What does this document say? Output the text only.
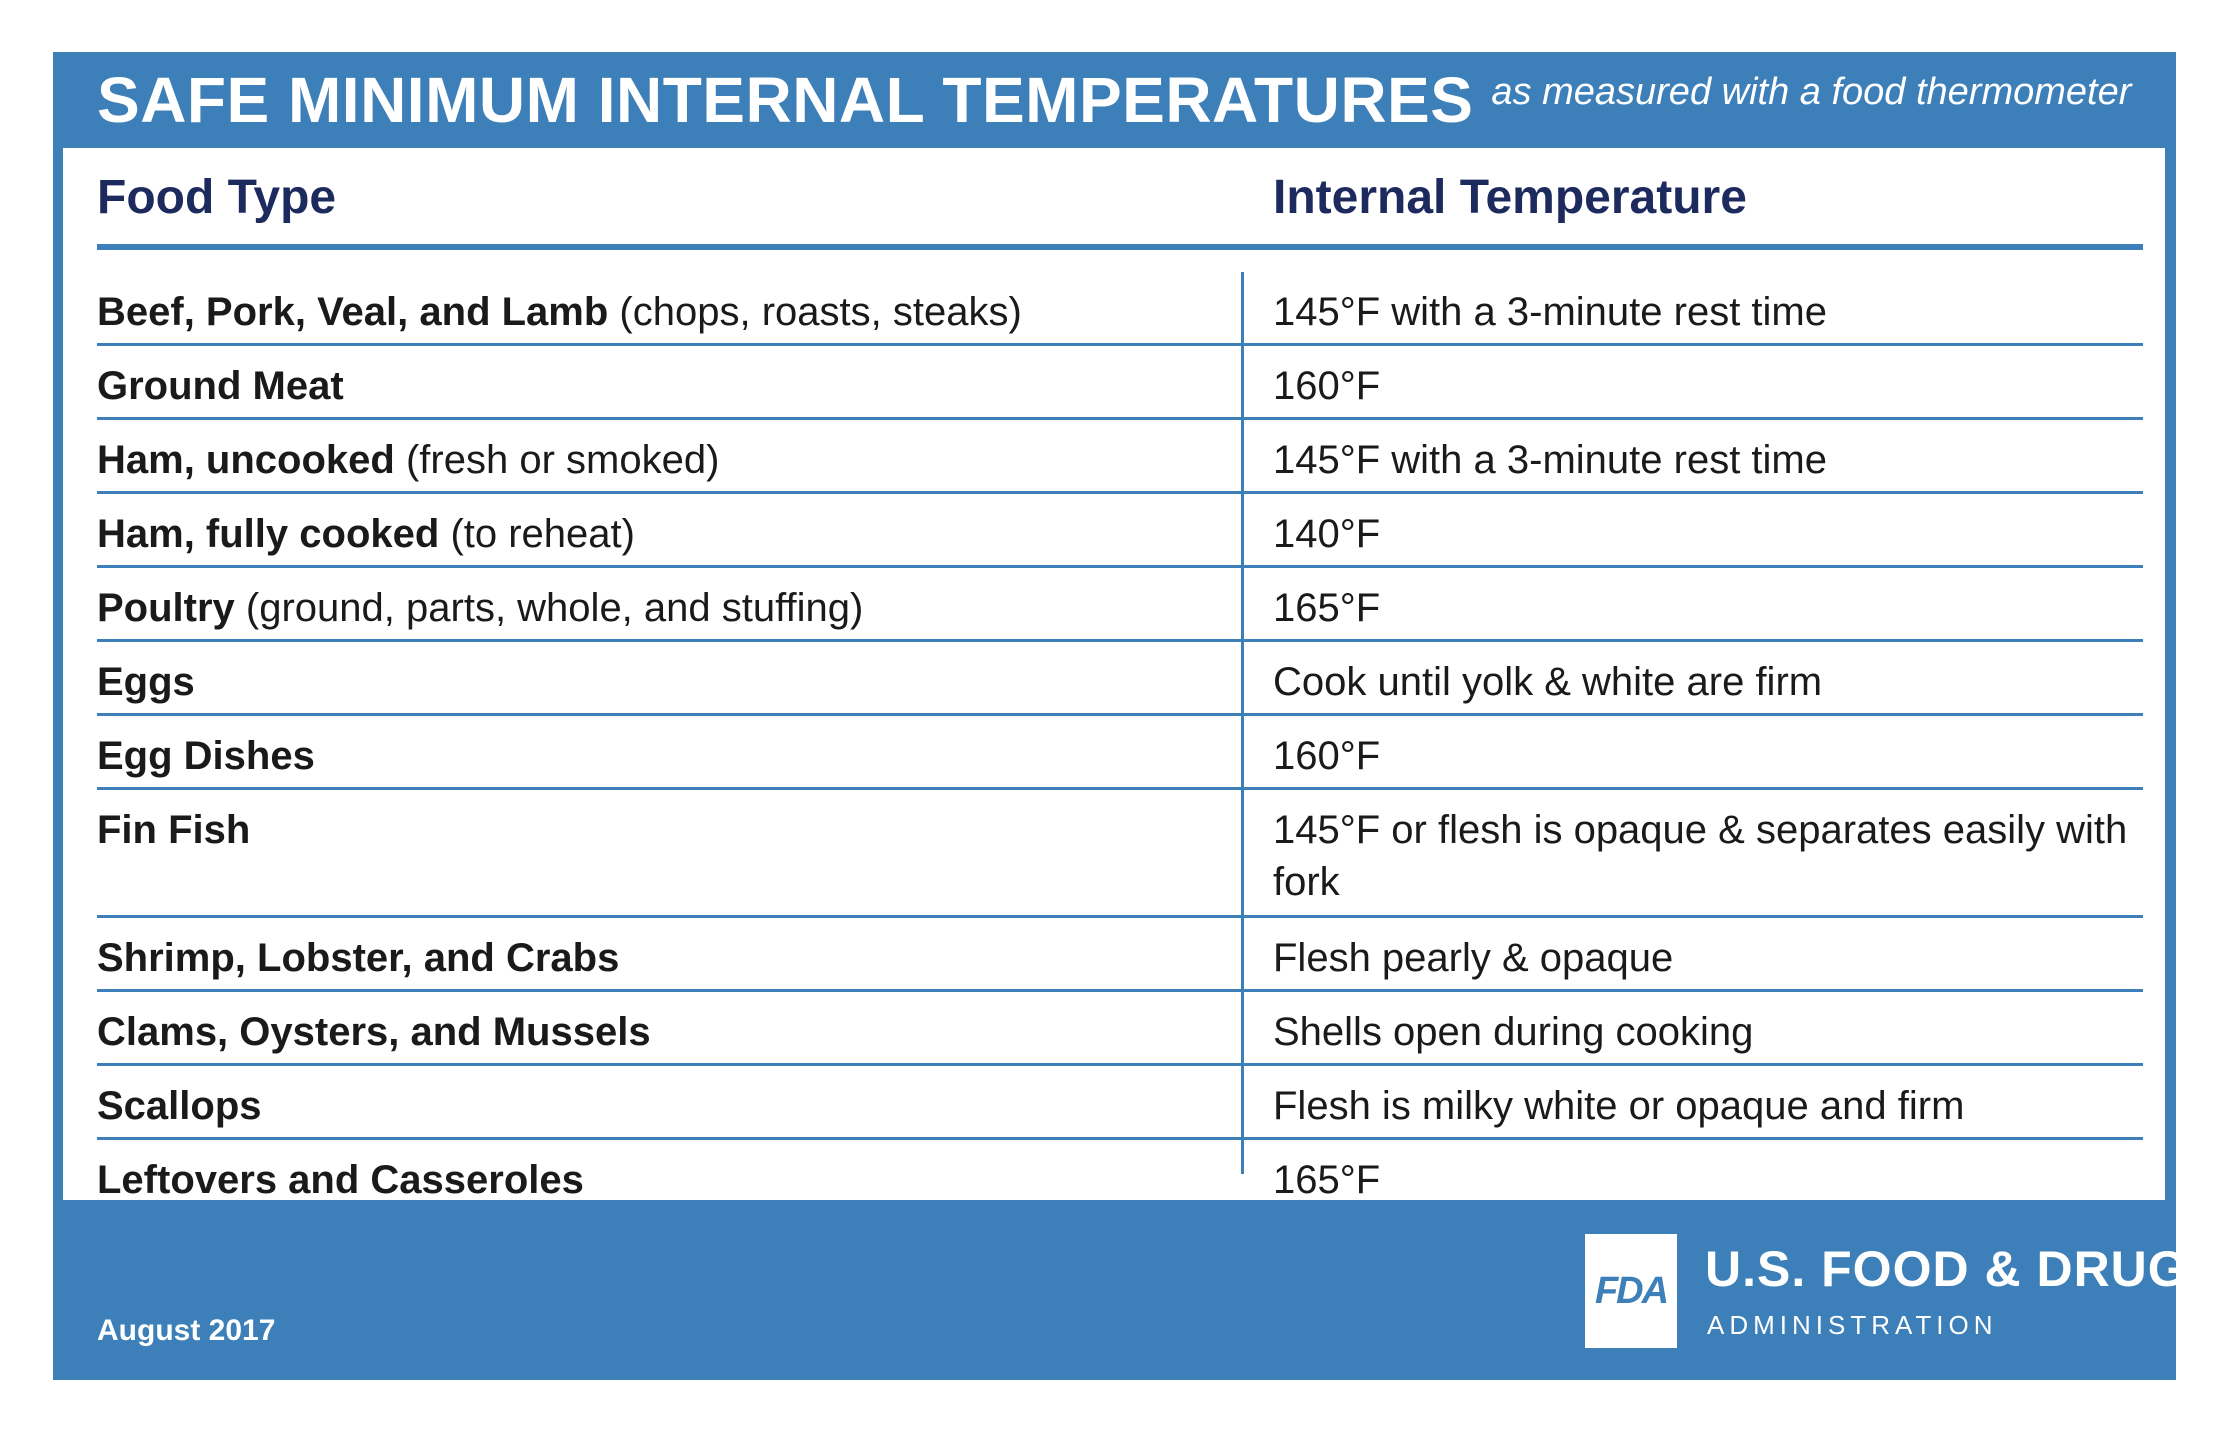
SAFE MINIMUM INTERNAL TEMPERATURES as measured with a food thermometer
Food Type	Internal Temperature
Beef, Pork, Veal, and Lamb (chops, roasts, steaks)	145°F with a 3-minute rest time
Ground Meat	160°F
Ham, uncooked (fresh or smoked)	145°F with a 3-minute rest time
Ham, fully cooked (to reheat)	140°F
Poultry (ground, parts, whole, and stuffing)	165°F
Eggs	Cook until yolk & white are firm
Egg Dishes	160°F
Fin Fish	145°F or flesh is opaque & separates easily with fork
Shrimp, Lobster, and Crabs	Flesh pearly & opaque
Clams, Oysters, and Mussels	Shells open during cooking
Scallops	Flesh is milky white or opaque and firm
Leftovers and Casseroles	165°F
August 2017
FDA U.S. FOOD & DRUG
ADMINISTRATION
